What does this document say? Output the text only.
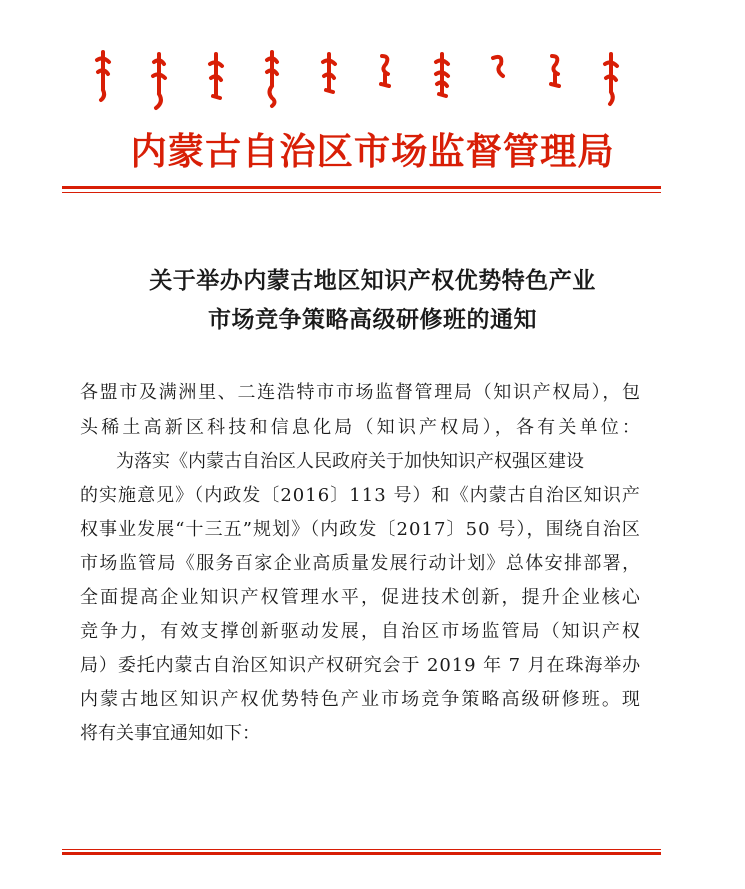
内蒙古自治区市场监督管理局
关于举办内蒙古地区知识产权优势特色产业
市场竞争策略高级研修班的通知
各盟市及满洲里、二连浩特市市场监督管理局（知识产权局），包
头稀土高新区科技和信息化局（知识产权局），各有关单位：
为落实《内蒙古自治区人民政府关于加快知识产权强区建设
的实施意见》（内政发〔2016〕113 号）和《内蒙古自治区知识产
权事业发展“十三五”规划》（内政发〔2017〕50 号），围绕自治区
市场监管局《服务百家企业高质量发展行动计划》总体安排部署，
全面提高企业知识产权管理水平，促进技术创新，提升企业核心
竞争力，有效支撑创新驱动发展，自治区市场监管局（知识产权
局）委托内蒙古自治区知识产权研究会于 2019 年 7 月在珠海举办
内蒙古地区知识产权优势特色产业市场竞争策略高级研修班。现
将有关事宜通知如下：
